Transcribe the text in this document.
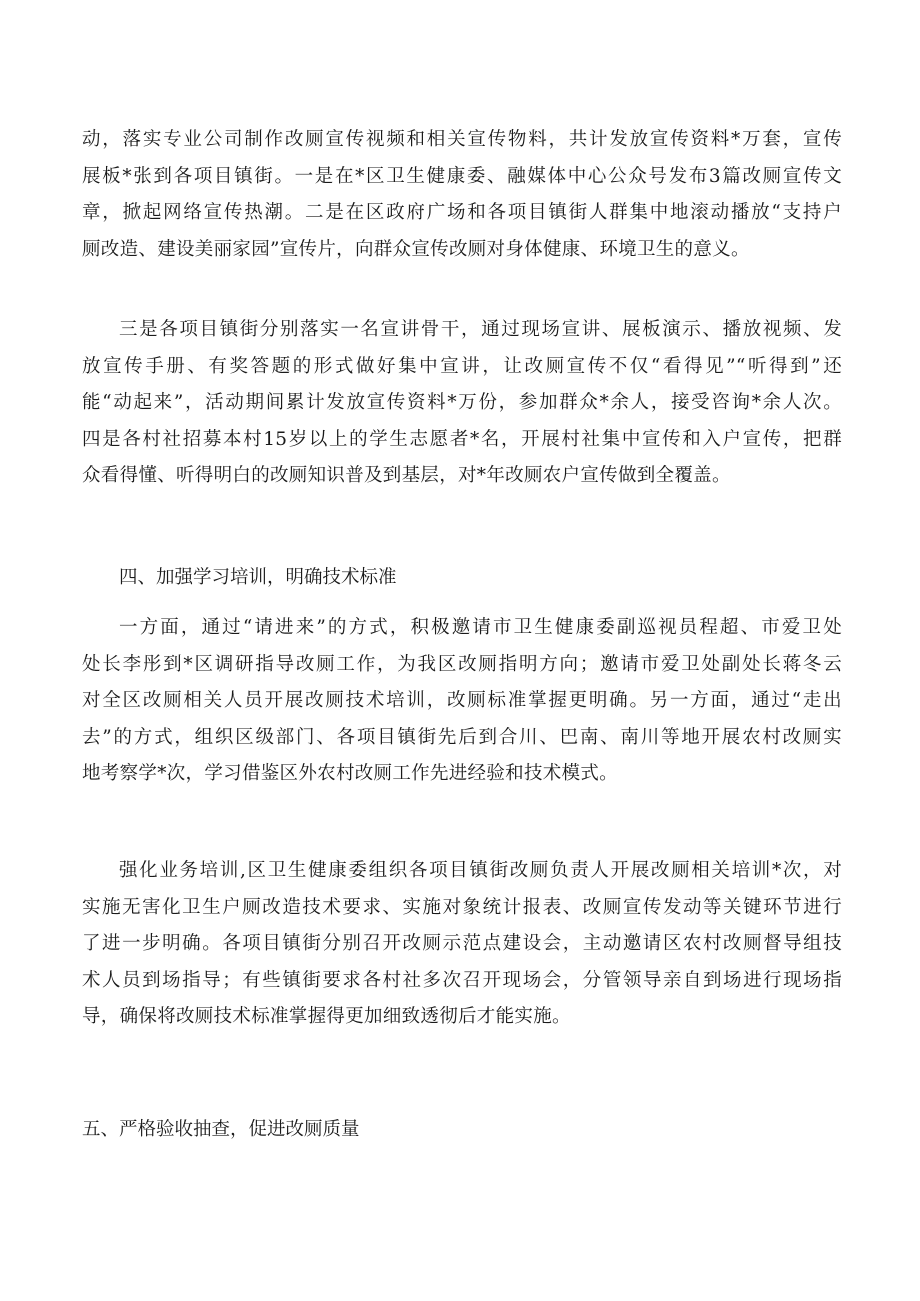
动，落实专业公司制作改厕宣传视频和相关宣传物料，共计发放宣传资料*万套，宣传
展板*张到各项目镇街。一是在*区卫生健康委、融媒体中心公众号发布3篇改厕宣传文
章，掀起网络宣传热潮。二是在区政府广场和各项目镇街人群集中地滚动播放“支持户
厕改造、建设美丽家园”宣传片，向群众宣传改厕对身体健康、环境卫生的意义。
三是各项目镇街分别落实一名宣讲骨干，通过现场宣讲、展板演示、播放视频、发
放宣传手册、有奖答题的形式做好集中宣讲，让改厕宣传不仅“看得见”“听得到”还
能“动起来”，活动期间累计发放宣传资料*万份，参加群众*余人，接受咨询*余人次。
四是各村社招募本村15岁以上的学生志愿者*名，开展村社集中宣传和入户宣传，把群
众看得懂、听得明白的改厕知识普及到基层，对*年改厕农户宣传做到全覆盖。
四、加强学习培训，明确技术标准
一方面，通过“请进来”的方式，积极邀请市卫生健康委副巡视员程超、市爱卫处
处长李彤到*区调研指导改厕工作，为我区改厕指明方向；邀请市爱卫处副处长蒋冬云
对全区改厕相关人员开展改厕技术培训，改厕标准掌握更明确。另一方面，通过“走出
去”的方式，组织区级部门、各项目镇街先后到合川、巴南、南川等地开展农村改厕实
地考察学*次，学习借鉴区外农村改厕工作先进经验和技术模式。
强化业务培训,区卫生健康委组织各项目镇街改厕负责人开展改厕相关培训*次，对
实施无害化卫生户厕改造技术要求、实施对象统计报表、改厕宣传发动等关键环节进行
了进一步明确。各项目镇街分别召开改厕示范点建设会，主动邀请区农村改厕督导组技
术人员到场指导；有些镇街要求各村社多次召开现场会，分管领导亲自到场进行现场指
导，确保将改厕技术标准掌握得更加细致透彻后才能实施。
五、严格验收抽查，促进改厕质量
